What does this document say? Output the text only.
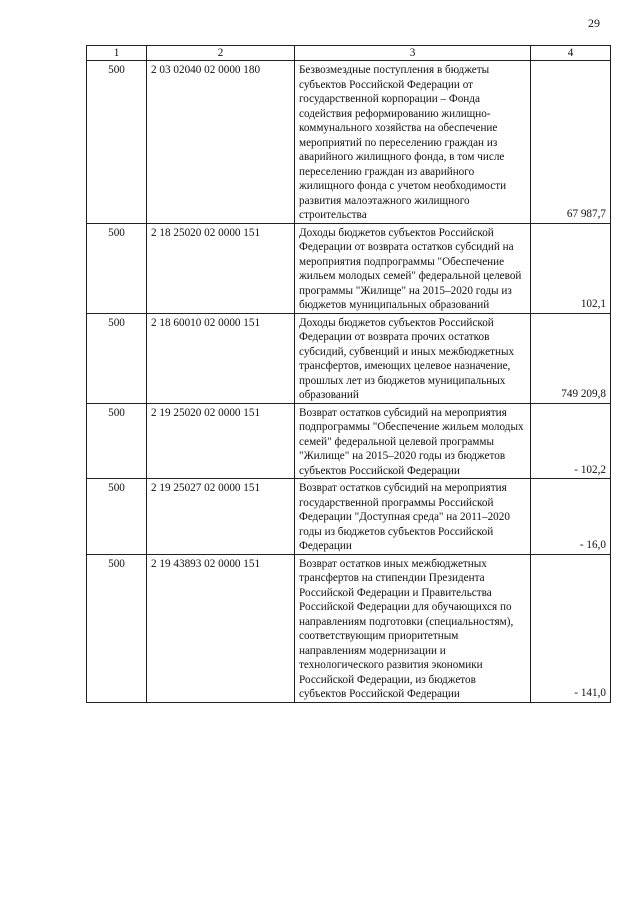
29
1	2	3	4
500	2 03 02040 02 0000 180	Безвозмездные поступления в бюджеты субъектов Российской Федерации от государственной корпорации – Фонда содействия реформированию жилищно-коммунального хозяйства на обеспечение мероприятий по переселению граждан из аварийного жилищного фонда, в том числе переселению граждан из аварийного жилищного фонда с учетом необходимости развития малоэтажного жилищного строительства	67 987,7
500	2 18 25020 02 0000 151	Доходы бюджетов субъектов Российской Федерации от возврата остатков субсидий на мероприятия подпрограммы "Обеспечение жильем молодых семей" федеральной целевой программы "Жилище" на 2015–2020 годы из бюджетов муниципальных образований	102,1
500	2 18 60010 02 0000 151	Доходы бюджетов субъектов Российской Федерации от возврата прочих остатков субсидий, субвенций и иных межбюджетных трансфертов, имеющих целевое назначение, прошлых лет из бюджетов муниципальных образований	749 209,8
500	2 19 25020 02 0000 151	Возврат остатков субсидий на мероприятия подпрограммы "Обеспечение жильем молодых семей" федеральной целевой программы "Жилище" на 2015–2020 годы из бюджетов субъектов Российской Федерации	- 102,2
500	2 19 25027 02 0000 151	Возврат остатков субсидий на мероприятия государственной программы Российской Федерации "Доступная среда" на 2011–2020 годы из бюджетов субъектов Российской Федерации	- 16,0
500	2 19 43893 02 0000 151	Возврат остатков иных межбюджетных трансфертов на стипендии Президента Российской Федерации и Правительства Российской Федерации для обучающихся по направлениям подготовки (специальностям), соответствующим приоритетным направлениям модернизации и технологического развития экономики Российской Федерации, из бюджетов субъектов Российской Федерации	- 141,0
